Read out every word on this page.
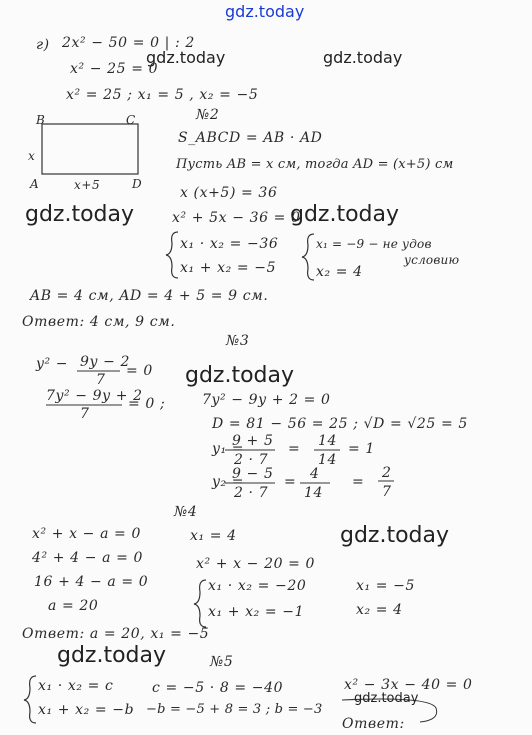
gdz.today
г) 2x² − 50 = 0 | : 2
x² − 25 = 0
gdz.today	gdz.today
x² = 25 ; x₁ = 5 , x₂ = −5
№2
B	C
A	D
x
x+5
S_ABCD = AB · AD
Пусть AB = x см, тогда AD = (x+5) см
x (x+5) = 36
gdz.today	x² + 5x − 36 = 0
gdz.today
x₁ · x₂ = −36
x₁ + x₂ = −5
x₁ = −9 − не удов
условию
x₂ = 4
AB = 4 см, AD = 4 + 5 = 9 см.
Ответ: 4 см, 9 см.
№3
y² − 9y − 2
7
= 0 gdz.today
7y² − 9y + 2
7
= 0 ;	7y² − 9y + 2 = 0
D = 81 − 56 = 25 ; √D = √25 = 5
y₁ =
9 + 5
2 · 7
= 14
14
= 1
y₂ =
9 − 5
2 · 7
= 4
14
=
2
7
№4
x² + x − a = 0	x₁ = 4	gdz.today
4² + 4 − a = 0	x² + x − 20 = 0
16 + 4 − a = 0	x₁ · x₂ = −20	x₁ = −5
a = 20	x₁ + x₂ = −1	x₂ = 4
Ответ: a = 20, x₁ = −5
gdz.today	№5
x₁ · x₂ = c
x₁ + x₂ = −b
c = −5 · 8 = −40
−b = −5 + 8 = 3 ; b = −3
x² − 3x − 40 = 0
gdz.today
Ответ:
